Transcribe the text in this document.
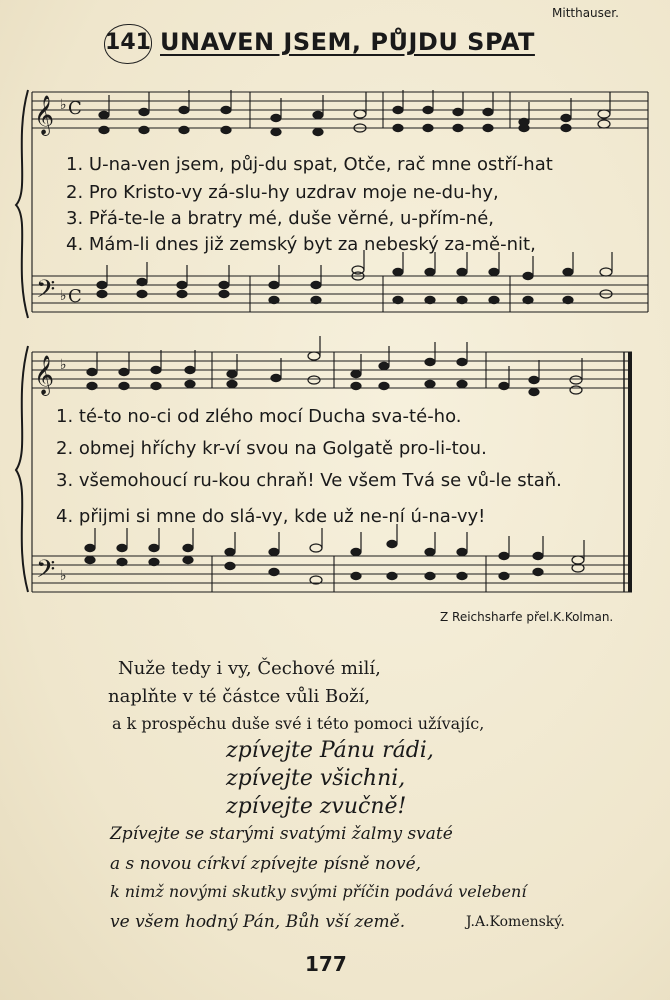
Mitthauser.
141 UNAVEN JSEM, PŮJDU SPAT
𝄞 ♭ C
𝄢 ♭ C
𝄞 ♭
𝄢 ♭
1. U-na-ven jsem, půj-du spat, Otče, rač mne ostří-hat
2. Pro Kristo-vy zá-slu-hy uzdrav moje ne-du-hy,
3. Přá-te-le a bratry mé, duše věrné, u-přím-né,
4. Mám-li dnes již zemský byt za nebeský za-mě-nit,
1. té-to no-ci od zlého mocí Ducha sva-té-ho.
2. obmej hříchy kr-ví svou na Golgatě pro-li-tou.
3. všemohoucí ru-kou chraň! Ve všem Tvá se vů-le staň.
4. přijmi si mne do slá-vy, kde už ne-ní ú-na-vy!
Z Reichsharfe přel.K.Kolman.
Nuže tedy i vy, Čechové milí,
naplňte v té částce vůli Boží,
a k prospěchu duše své i této pomoci užívajíc,
zpívejte Pánu rádi,
zpívejte všichni,
zpívejte zvučně!
Zpívejte se starými svatými žalmy svaté
a s novou církví zpívejte písně nové,
k nimž novými skutky svými příčin podává velebení
ve všem hodný Pán, Bůh vší země.	J.A.Komenský.
177
